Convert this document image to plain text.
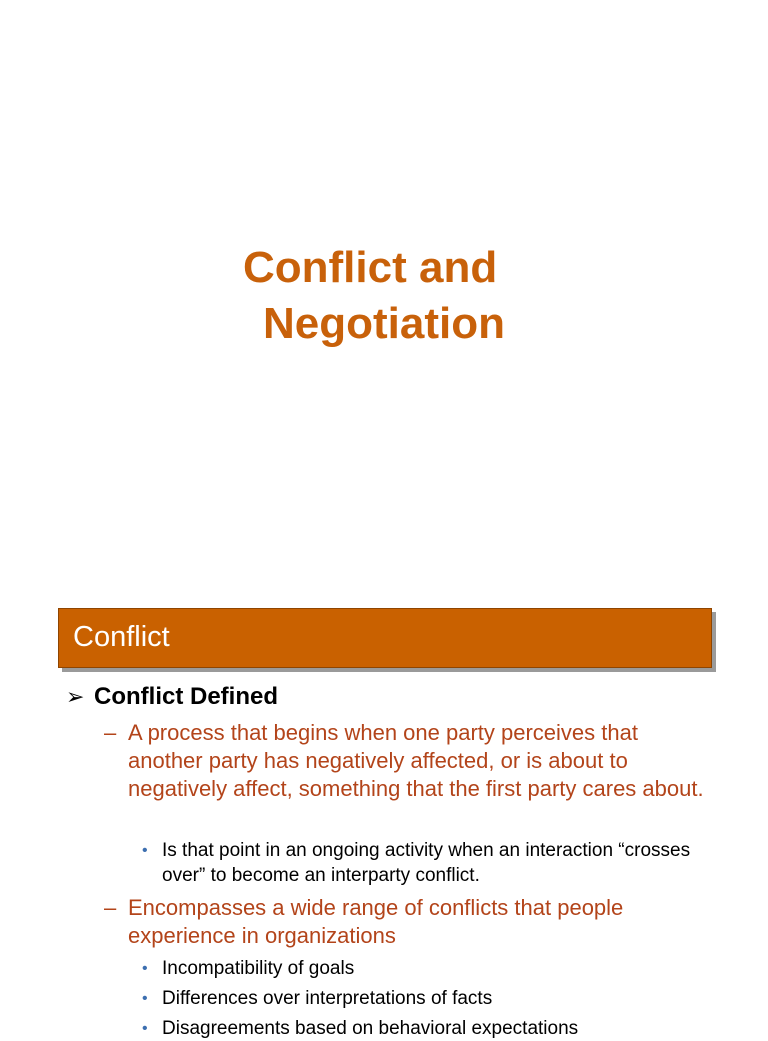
Conflict and
Negotiation
Conflict
➢ Conflict Defined
– A process that begins when one party perceives that another party has negatively affected, or is about to negatively affect, something that the first party cares about.
• Is that point in an ongoing activity when an interaction “crosses over” to become an interparty conflict.
– Encompasses a wide range of conflicts that people experience in organizations
• Incompatibility of goals
• Differences over interpretations of facts
• Disagreements based on behavioral expectations
